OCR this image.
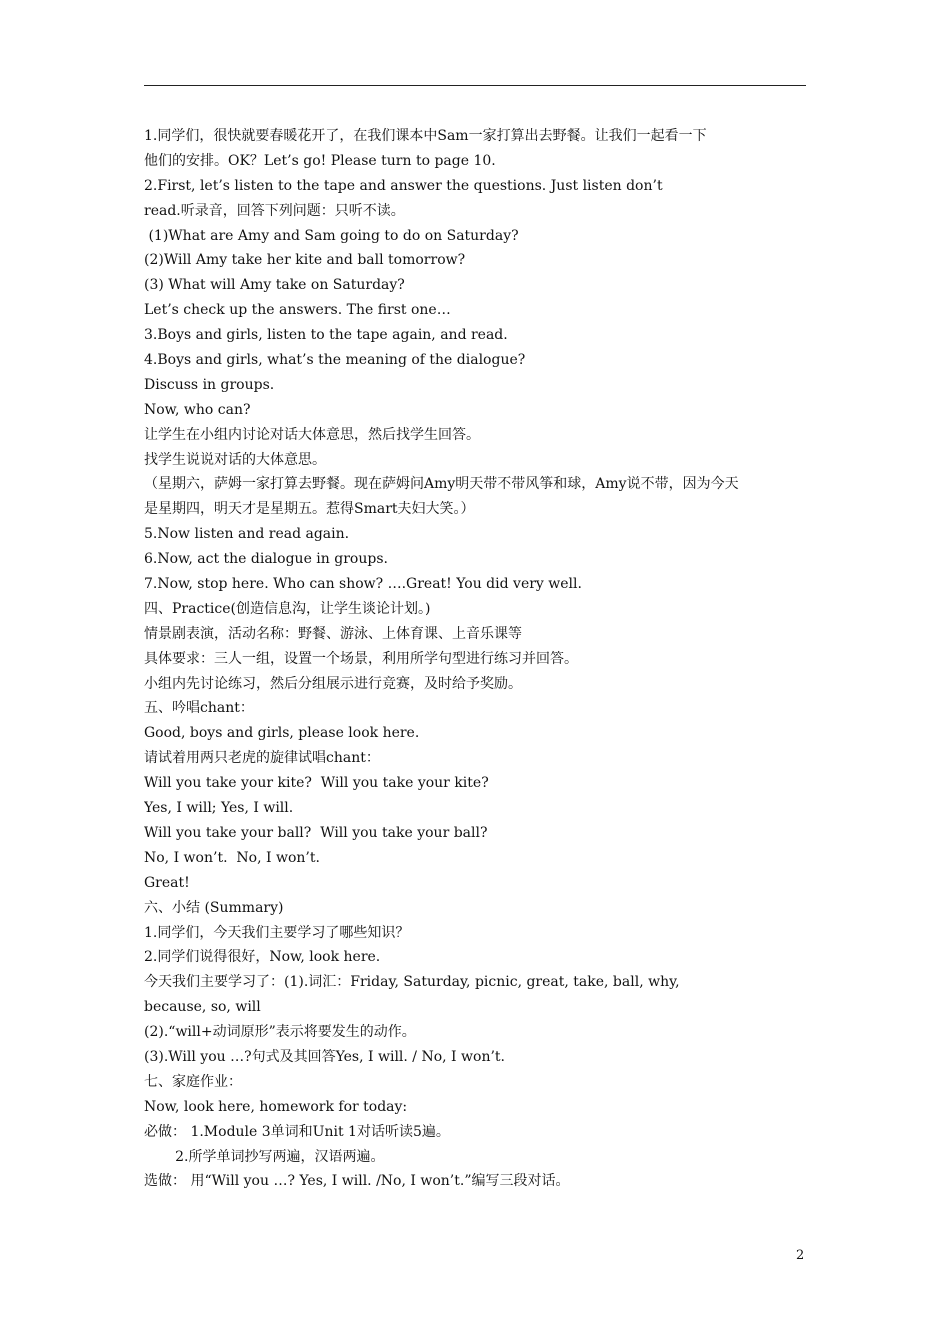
1.同学们，很快就要春暖花开了，在我们课本中Sam一家打算出去野餐。让我们一起看一下
他们的安排。OK？Let’s go! Please turn to page 10.
2.First, let’s listen to the tape and answer the questions. Just listen don’t
read.听录音，回答下列问题：只听不读。
(1)What are Amy and Sam going to do on Saturday?
(2)Will Amy take her kite and ball tomorrow?
(3) What will Amy take on Saturday?
Let’s check up the answers. The first one…
3.Boys and girls, listen to the tape again, and read.
4.Boys and girls, what’s the meaning of the dialogue?
Discuss in groups.
Now, who can?
让学生在小组内讨论对话大体意思，然后找学生回答。
找学生说说对话的大体意思。
（星期六，萨姆一家打算去野餐。现在萨姆问Amy明天带不带风筝和球，Amy说不带，因为今天
是星期四，明天才是星期五。惹得Smart夫妇大笑。）
5.Now listen and read again.
6.Now, act the dialogue in groups.
7.Now, stop here. Who can show? ….Great! You did very well.
四、Practice(创造信息沟，让学生谈论计划。)
情景剧表演，活动名称：野餐、游泳、上体育课、上音乐课等
具体要求：三人一组，设置一个场景，利用所学句型进行练习并回答。
小组内先讨论练习，然后分组展示进行竞赛，及时给予奖励。
五、吟唱chant：
Good, boys and girls, please look here.
请试着用两只老虎的旋律试唱chant：
Will you take your kite?  Will you take your kite?
Yes, I will; Yes, I will.
Will you take your ball?  Will you take your ball?
No, I won’t.  No, I won’t.
Great!
六、小结 (Summary)
1.同学们，今天我们主要学习了哪些知识？
2.同学们说得很好，Now, look here.
今天我们主要学习了：(1).词汇：Friday, Saturday, picnic, great, take, ball, why,
because, so, will
(2).“will+动词原形”表示将要发生的动作。
(3).Will you …?句式及其回答Yes, I will. / No, I won’t.
七、家庭作业：
Now, look here, homework for today:
必做： 1.Module 3单词和Unit 1对话听读5遍。
2.所学单词抄写两遍，汉语两遍。
选做： 用“Will you …? Yes, I will. /No, I won’t.”编写三段对话。
2
